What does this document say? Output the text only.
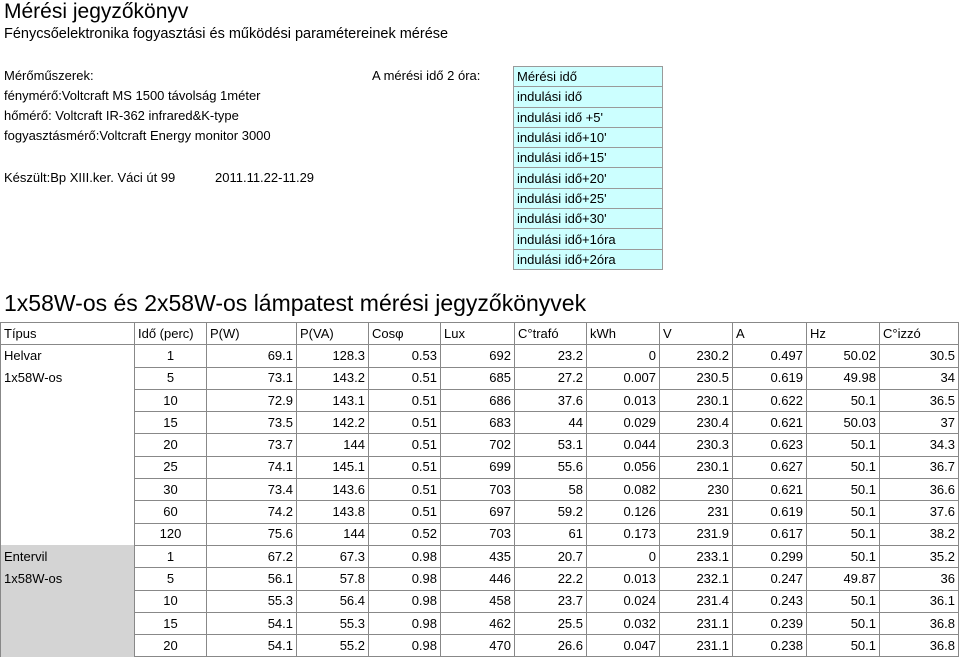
Mérési jegyzőkönyv
Fénycsőelektronika fogyasztási és működési paramétereinek mérése
Mérőműszerek:
fénymérő:Voltcraft MS 1500 távolság 1méter
hőmérő: Voltcraft IR-362 infrared&K-type
fogyasztásmérő:Voltcraft Energy monitor 3000
Készült:Bp XIII.ker. Váci út 99	2011.11.22-11.29
A mérési idő 2 óra:	Mérési idő
indulási idő
indulási idő +5'
indulási idő+10'
indulási idő+15'
indulási idő+20'
indulási idő+25'
indulási idő+30'
indulási idő+1óra
indulási idő+2óra
1x58W-os és 2x58W-os lámpatest mérési jegyzőkönyvek
Típus	Idő (perc)	P(W)	P(VA)	Cosφ	Lux	C°trafó	kWh	V	A	Hz	C°izzó
Helvar	1	69.1	128.3	0.53	692	23.2	0	230.2	0.497	50.02	30.5
1x58W-os	5	73.1	143.2	0.51	685	27.2	0.007	230.5	0.619	49.98	34
	10	72.9	143.1	0.51	686	37.6	0.013	230.1	0.622	50.1	36.5
	15	73.5	142.2	0.51	683	44	0.029	230.4	0.621	50.03	37
	20	73.7	144	0.51	702	53.1	0.044	230.3	0.623	50.1	34.3
	25	74.1	145.1	0.51	699	55.6	0.056	230.1	0.627	50.1	36.7
	30	73.4	143.6	0.51	703	58	0.082	230	0.621	50.1	36.6
	60	74.2	143.8	0.51	697	59.2	0.126	231	0.619	50.1	37.6
	120	75.6	144	0.52	703	61	0.173	231.9	0.617	50.1	38.2
Entervil	1	67.2	67.3	0.98	435	20.7	0	233.1	0.299	50.1	35.2
1x58W-os	5	56.1	57.8	0.98	446	22.2	0.013	232.1	0.247	49.87	36
	10	55.3	56.4	0.98	458	23.7	0.024	231.4	0.243	50.1	36.1
	15	54.1	55.3	0.98	462	25.5	0.032	231.1	0.239	50.1	36.8
	20	54.1	55.2	0.98	470	26.6	0.047	231.1	0.238	50.1	36.8
